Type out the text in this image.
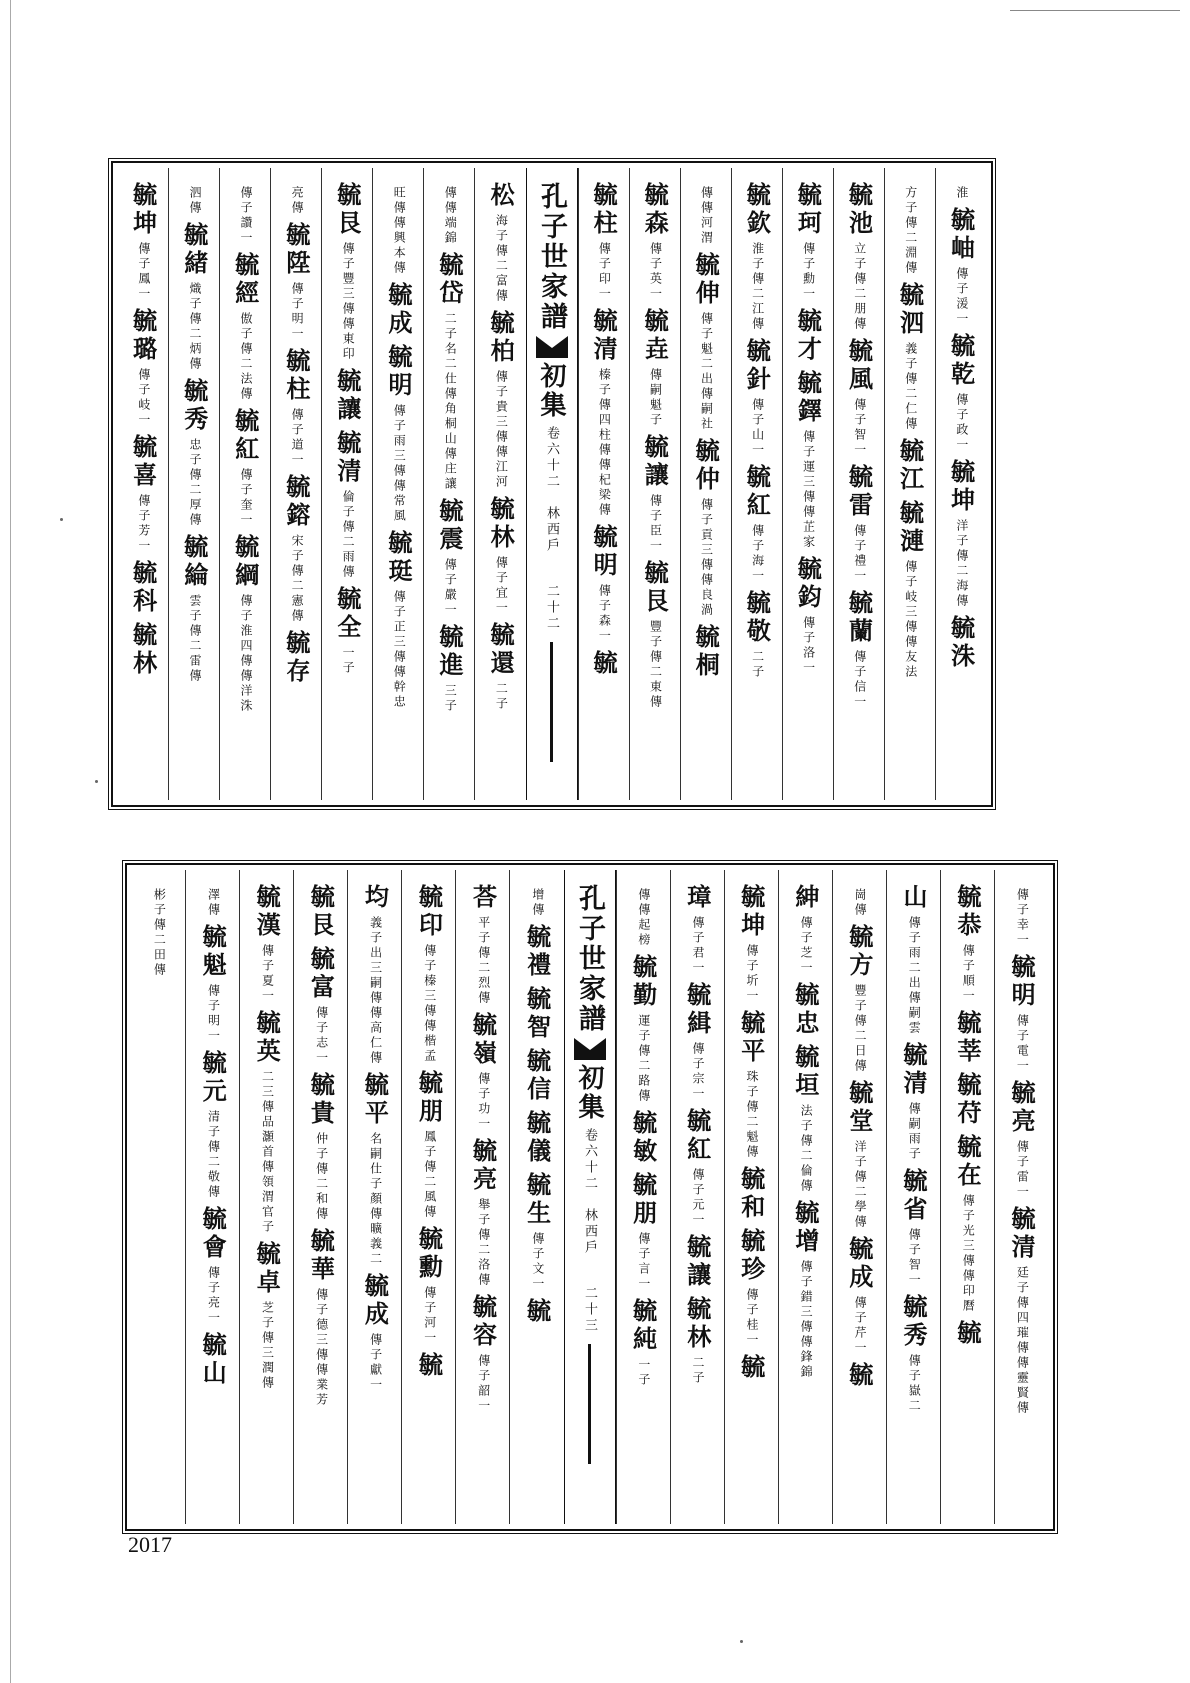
淮
毓岫
傳子湲一
毓乾
傳子政一
毓坤
洋子傳二海傳
毓洙
方子傳二淵傳
毓泗
義子傳二仁傳
毓江
毓漣
傳子岐三傳傳友法
毓池
立子傳二朋傳
毓風
傳子智一
毓雷
傳子禮一
毓蘭
傳子信一
毓珂
傳子勳一
毓才
毓鐸
傳子運三傳傳芷家
毓鈞
傳子洛一
毓欽
淮子傳二江傳
毓針
傳子山一
毓紅
傳子海一
毓敬
二子
傳傳河渭
毓伸
傳子魁二出傳嗣社
毓仲
傳子貢三傳傳良渦
毓桐
毓森
傳子英一
毓垚
傳嗣魁子
毓讓
傳子臣一
毓艮
豐子傳二東傳
毓柱
傳子印一
毓清
榛子傳四柱傳傳杞梁傳
毓明
傳子森一
毓
孔子世家譜
初集
卷六十二　林西戶
二十二
松
海子傳二富傳
毓柏
傳子貴三傳傳江河
毓林
傳子宜一
毓還
二子
傳傳端錦
毓岱
二子名二仕傳角桐山傳庄讓
毓震
傳子嚴一
毓進
三子
旺傳傳興本傳
毓成
毓明
傳子雨三傳傳常風
毓珽
傳子正三傳傳幹忠
毓艮
傳子豐三傳傳東印
毓讓
毓清
倫子傳二雨傳
毓全
一子
亮傳
毓陞
傳子明一
毓柱
傳子道一
毓鎔
宋子傳二憲傳
毓存
傳子讚一
毓經
傲子傳二法傳
毓紅
傳子奎一
毓綱
傳子淮四傳傳洋洙
泗傳
毓緒
熾子傳二炳傳
毓秀
忠子傳二厚傳
毓綸
雲子傳二雷傳
毓坤
傳子鳳一
毓璐
傳子岐一
毓喜
傳子芳一
毓科
毓林
傳子幸一
毓明
傳子電一
毓亮
傳子雷一
毓清
廷子傳四璀傳傳靈賢傳
毓恭
傳子順一
毓莘
毓苻
毓在
傳子光三傳傳印曆
毓
山
傳子雨二出傳嗣雲
毓清
傳嗣雨子
毓省
傳子智一
毓秀
傳子嶽二
崗傳
毓方
豐子傳二日傳
毓堂
洋子傳二學傳
毓成
傳子芹一
毓
紳
傳子芝一
毓忠
毓垣
法子傳二倫傳
毓增
傳子錯三傳傳鋒錦
毓坤
傳子圻一
毓平
珠子傳二魁傳
毓和
毓珍
傳子桂一
毓
璋
傳子君一
毓緝
傳子宗一
毓紅
傳子元一
毓讓
毓林
二子
傳傳起榜
毓勤
運子傳二路傳
毓敏
毓朋
傳子言一
毓純
一子
孔子世家譜
初集
卷六十二　林西戶
二十三
增傳
毓禮
毓智
毓信
毓儀
毓生
傳子文一
毓
荅
平子傳二烈傳
毓嶺
傳子功一
毓亮
舉子傳二洛傳
毓容
傳子韶一
毓印
傳子榛三傳傳楷孟
毓朋
鳳子傳二風傳
毓勳
傳子河一
毓
均
義子出三嗣傳傳高仁傳
毓平
名嗣仕子顏傳曠義二
毓成
傳子獻一
毓艮
毓富
傳子志一
毓貴
仲子傳二和傳
毓華
傳子德三傳傳業芳
毓漢
傳子夏一
毓英
二三傳品灝首傳領渭官子
毓卓
芝子傳三潤傳
澤傳
毓魁
傳子明一
毓元
清子傳二敬傳
毓會
傳子亮一
毓山
彬子傳二田傳
2017
